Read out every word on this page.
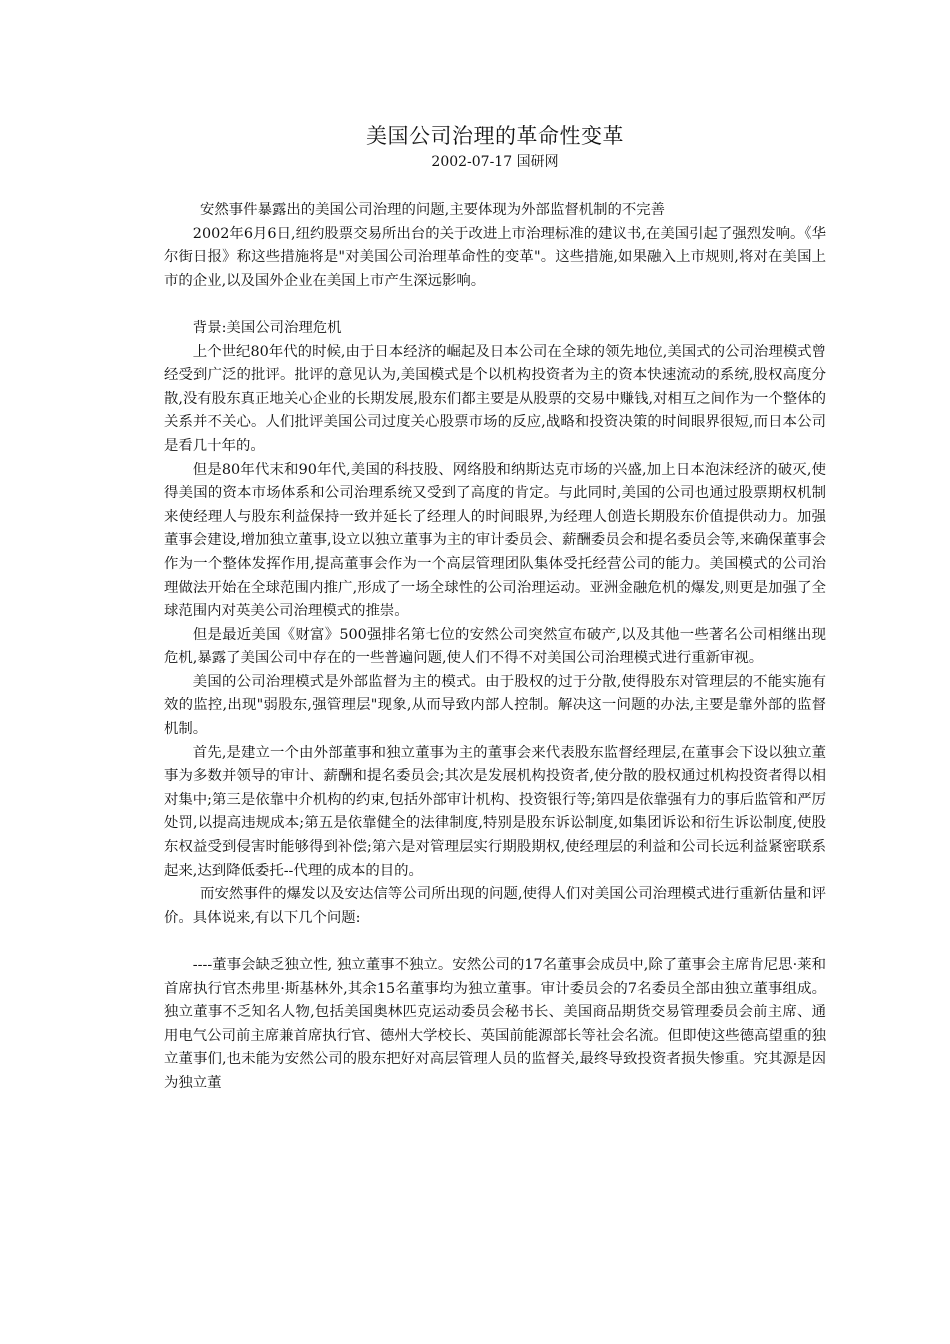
美国公司治理的革命性变革
2002-07-17 国研网

安然事件暴露出的美国公司治理的问题,主要体现为外部监督机制的不完善

2002年6月6日,纽约股票交易所出台的关于改进上市治理标准的建议书,在美国引起了强烈发响。《华尔街日报》称这些措施将是"对美国公司治理革命性的变革"。这些措施,如果融入上市规则,将对在美国上市的企业,以及国外企业在美国上市产生深远影响。

背景:美国公司治理危机

上个世纪80年代的时候,由于日本经济的崛起及日本公司在全球的领先地位,美国式的公司治理模式曾经受到广泛的批评。批评的意见认为,美国模式是个以机构投资者为主的资本快速流动的系统,股权高度分散,没有股东真正地关心企业的长期发展,股东们都主要是从股票的交易中赚钱,对相互之间作为一个整体的关系并不关心。人们批评美国公司过度关心股票市场的反应,战略和投资决策的时间眼界很短,而日本公司是看几十年的。

但是80年代末和90年代,美国的科技股、网络股和纳斯达克市场的兴盛,加上日本泡沫经济的破灭,使得美国的资本市场体系和公司治理系统又受到了高度的肯定。与此同时,美国的公司也通过股票期权机制来使经理人与股东利益保持一致并延长了经理人的时间眼界,为经理人创造长期股东价值提供动力。加强董事会建设,增加独立董事,设立以独立董事为主的审计委员会、薪酬委员会和提名委员会等,来确保董事会作为一个整体发挥作用,提高董事会作为一个高层管理团队集体受托经营公司的能力。美国模式的公司治理做法开始在全球范围内推广,形成了一场全球性的公司治理运动。亚洲金融危机的爆发,则更是加强了全球范围内对英美公司治理模式的推崇。

但是最近美国《财富》500强排名第七位的安然公司突然宣布破产,以及其他一些著名公司相继出现危机,暴露了美国公司中存在的一些普遍问题,使人们不得不对美国公司治理模式进行重新审视。

美国的公司治理模式是外部监督为主的模式。由于股权的过于分散,使得股东对管理层的不能实施有效的监控,出现"弱股东,强管理层"现象,从而导致内部人控制。解决这一问题的办法,主要是靠外部的监督机制。

首先,是建立一个由外部董事和独立董事为主的董事会来代表股东监督经理层,在董事会下设以独立董事为多数并领导的审计、薪酬和提名委员会;其次是发展机构投资者,使分散的股权通过机构投资者得以相对集中;第三是依靠中介机构的约束,包括外部审计机构、投资银行等;第四是依靠强有力的事后监管和严厉处罚,以提高违规成本;第五是依靠健全的法律制度,特别是股东诉讼制度,如集团诉讼和衍生诉讼制度,使股东权益受到侵害时能够得到补偿;第六是对管理层实行期股期权,使经理层的利益和公司长远利益紧密联系起来,达到降低委托--代理的成本的目的。

而安然事件的爆发以及安达信等公司所出现的问题,使得人们对美国公司治理模式进行重新估量和评价。具体说来,有以下几个问题:

----董事会缺乏独立性, 独立董事不独立。安然公司的17名董事会成员中,除了董事会主席肯尼思·莱和首席执行官杰弗里·斯基林外,其余15名董事均为独立董事。审计委员会的7名委员全部由独立董事组成。独立董事不乏知名人物,包括美国奥林匹克运动委员会秘书长、美国商品期货交易管理委员会前主席、通用电气公司前主席兼首席执行官、德州大学校长、英国前能源部长等社会名流。但即使这些德高望重的独立董事们,也未能为安然公司的股东把好对高层管理人员的监督关,最终导致投资者损失惨重。究其源是因为独立董
